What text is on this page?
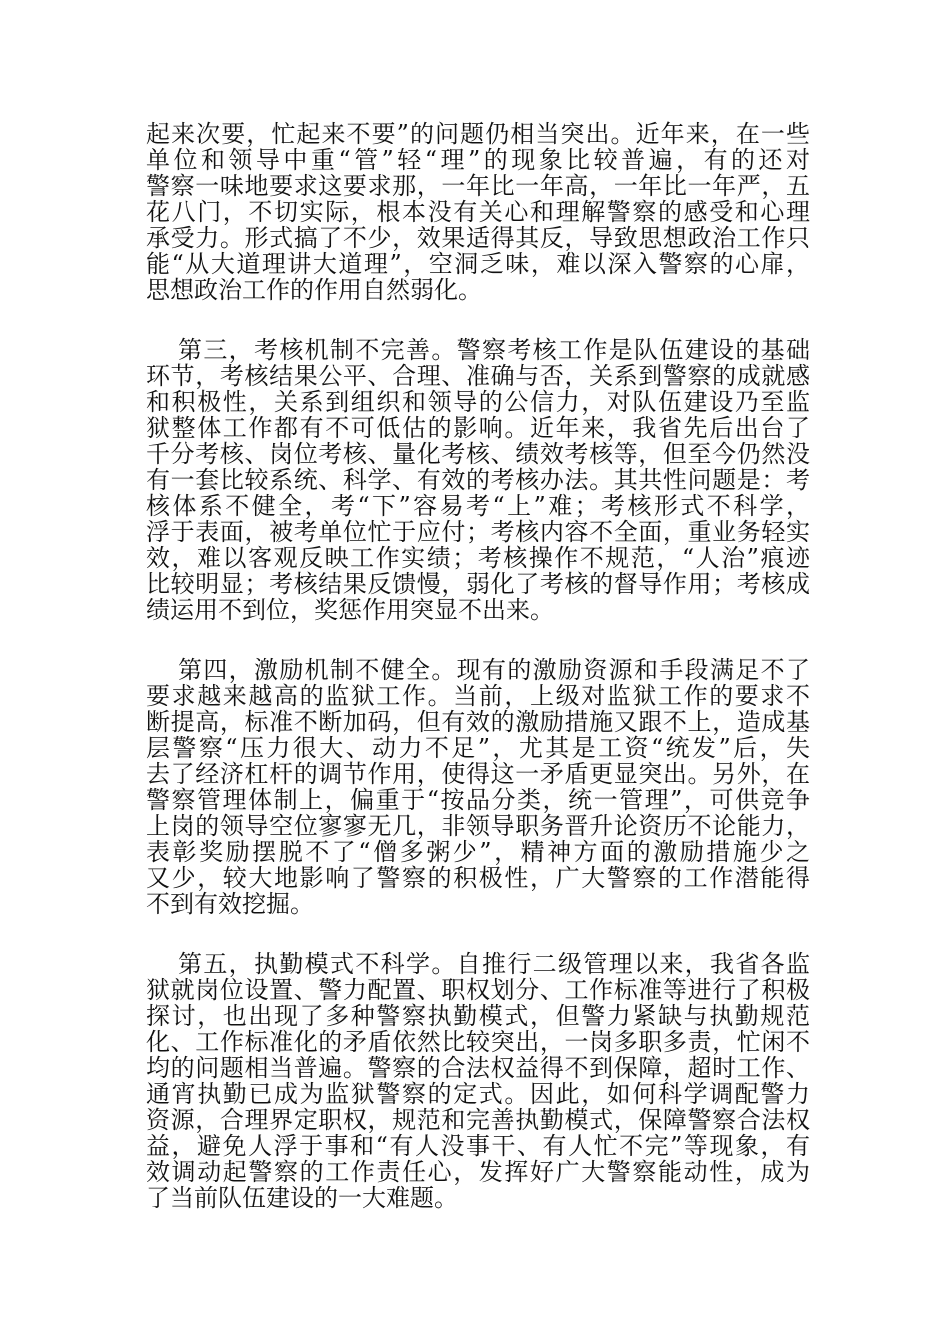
起来次要，忙起来不要”的问题仍相当突出。近年来，在一些
单位和领导中重“管”轻“理”的现象比较普遍，有的还对
警察一味地要求这要求那，一年比一年高，一年比一年严，五
花八门，不切实际，根本没有关心和理解警察的感受和心理
承受力。形式搞了不少，效果适得其反，导致思想政治工作只
能“从大道理讲大道理”，空洞乏味，难以深入警察的心扉，
思想政治工作的作用自然弱化。
第三，考核机制不完善。警察考核工作是队伍建设的基础
环节，考核结果公平、合理、准确与否，关系到警察的成就感
和积极性，关系到组织和领导的公信力，对队伍建设乃至监
狱整体工作都有不可低估的影响。近年来，我省先后出台了
千分考核、岗位考核、量化考核、绩效考核等，但至今仍然没
有一套比较系统、科学、有效的考核办法。其共性问题是：考
核体系不健全，考“下”容易考“上”难；考核形式不科学，
浮于表面，被考单位忙于应付；考核内容不全面，重业务轻实
效，难以客观反映工作实绩；考核操作不规范，“人治”痕迹
比较明显；考核结果反馈慢，弱化了考核的督导作用；考核成
绩运用不到位，奖惩作用突显不出来。
第四，激励机制不健全。现有的激励资源和手段满足不了
要求越来越高的监狱工作。当前，上级对监狱工作的要求不
断提高，标准不断加码，但有效的激励措施又跟不上，造成基
层警察“压力很大、动力不足”，尤其是工资“统发”后，失
去了经济杠杆的调节作用，使得这一矛盾更显突出。另外，在
警察管理体制上，偏重于“按品分类，统一管理”，可供竞争
上岗的领导空位寥寥无几，非领导职务晋升论资历不论能力，
表彰奖励摆脱不了“僧多粥少”，精神方面的激励措施少之
又少，较大地影响了警察的积极性，广大警察的工作潜能得
不到有效挖掘。
第五，执勤模式不科学。自推行二级管理以来，我省各监
狱就岗位设置、警力配置、职权划分、工作标准等进行了积极
探讨，也出现了多种警察执勤模式，但警力紧缺与执勤规范
化、工作标准化的矛盾依然比较突出，一岗多职多责，忙闲不
均的问题相当普遍。警察的合法权益得不到保障，超时工作、
通宵执勤已成为监狱警察的定式。因此，如何科学调配警力
资源，合理界定职权，规范和完善执勤模式，保障警察合法权
益，避免人浮于事和“有人没事干、有人忙不完”等现象，有
效调动起警察的工作责任心，发挥好广大警察能动性，成为
了当前队伍建设的一大难题。
